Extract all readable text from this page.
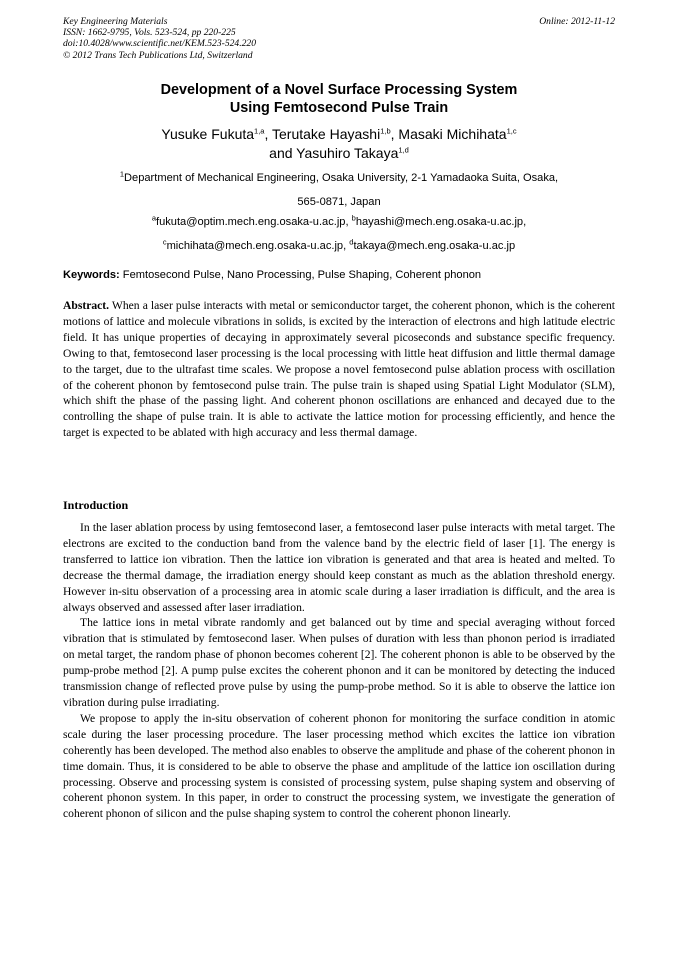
Key Engineering Materials
ISSN: 1662-9795, Vols. 523-524, pp 220-225
doi:10.4028/www.scientific.net/KEM.523-524.220
© 2012 Trans Tech Publications Ltd, Switzerland
Online: 2012-11-12
Development of a Novel Surface Processing System
Using Femtosecond Pulse Train
Yusuke Fukuta$^{1,a}$, Terutake Hayashi$^{1,b}$, Masaki Michihata$^{1,c}$
and Yasuhiro Takaya$^{1,d}$
$^1$Department of Mechanical Engineering, Osaka University, 2-1 Yamadaoka Suita, Osaka,
565-0871, Japan
$^a$fukuta@optim.mech.eng.osaka-u.ac.jp, $^b$hayashi@mech.eng.osaka-u.ac.jp,
$^c$michihata@mech.eng.osaka-u.ac.jp, $^d$takaya@mech.eng.osaka-u.ac.jp
Keywords: Femtosecond Pulse, Nano Processing, Pulse Shaping, Coherent phonon

Abstract. When a laser pulse interacts with metal or semiconductor target, the coherent phonon, which is the coherent motions of lattice and molecule vibrations in solids, is excited by the interaction of electrons and high latitude electric field. It has unique properties of decaying in approximately several picoseconds and substance specific frequency. Owing to that, femtosecond laser processing is the local processing with little heat diffusion and little thermal damage to the target, due to the ultrafast time scales. We propose a novel femtosecond pulse ablation process with oscillation of the coherent phonon by femtosecond pulse train. The pulse train is shaped using Spatial Light Modulator (SLM), which shift the phase of the passing light. And coherent phonon oscillations are enhanced and decayed due to the controlling the shape of pulse train. It is able to activate the lattice motion for processing efficiently, and hence the target is expected to be ablated with high accuracy and less thermal damage.

Introduction

In the laser ablation process by using femtosecond laser, a femtosecond laser pulse interacts with metal target. The electrons are excited to the conduction band from the valence band by the electric field of laser [1]. The energy is transferred to lattice ion vibration. Then the lattice ion vibration is generated and that area is heated and melted. To decrease the thermal damage, the irradiation energy should keep constant as much as the ablation threshold energy. However in-situ observation of a processing area in atomic scale during a laser irradiation is difficult, and the area is always observed and assessed after laser irradiation.

The lattice ions in metal vibrate randomly and get balanced out by time and special averaging without forced vibration that is stimulated by femtosecond laser. When pulses of duration with less than phonon period is irradiated on metal target, the random phase of phonon becomes coherent [2]. The coherent phonon is able to be observed by the pump-probe method [2]. A pump pulse excites the coherent phonon and it can be monitored by detecting the induced transmission change of reflected prove pulse by using the pump-probe method. So it is able to observe the lattice ion vibration during pulse irradiating.

We propose to apply the in-situ observation of coherent phonon for monitoring the surface condition in atomic scale during the laser processing procedure. The laser processing method which excites the lattice ion vibration coherently has been developed. The method also enables to observe the amplitude and phase of the coherent phonon in time domain. Thus, it is considered to be able to observe the phase and amplitude of the lattice ion oscillation during processing. Observe and processing system is consisted of processing system, pulse shaping system and observing of coherent phonon system. In this paper, in order to construct the processing system, we investigate the generation of coherent phonon of silicon and the pulse shaping system to control the coherent phonon linearly.
